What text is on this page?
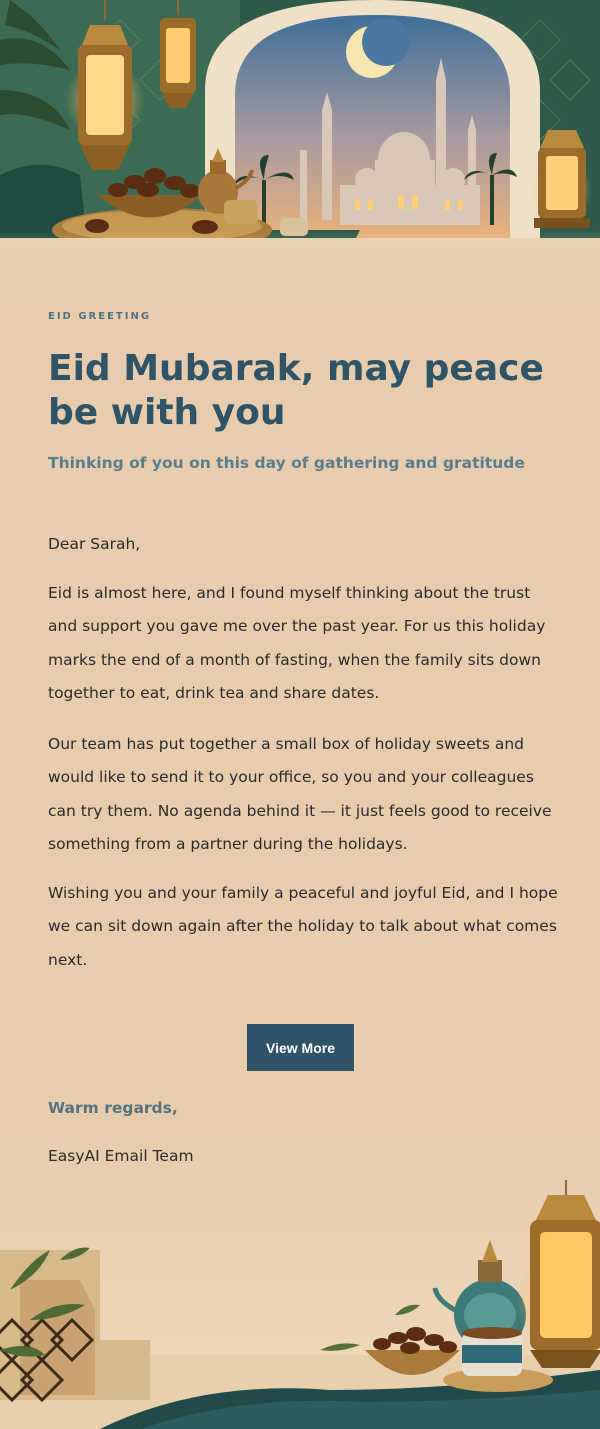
EID GREETING
Eid Mubarak, may peace be with you
Thinking of you on this day of gathering and gratitude
Dear Sarah,

Eid is almost here, and I found myself thinking about the trust and support you gave me over the past year. For us this holiday marks the end of a month of fasting, when the family sits down together to eat, drink tea and share dates.

Our team has put together a small box of holiday sweets and would like to send it to your office, so you and your colleagues can try them. No agenda behind it — it just feels good to receive something from a partner during the holidays.

Wishing you and your family a peaceful and joyful Eid, and I hope we can sit down again after the holiday to talk about what comes next.

View More
Warm regards,
EasyAI Email Team
